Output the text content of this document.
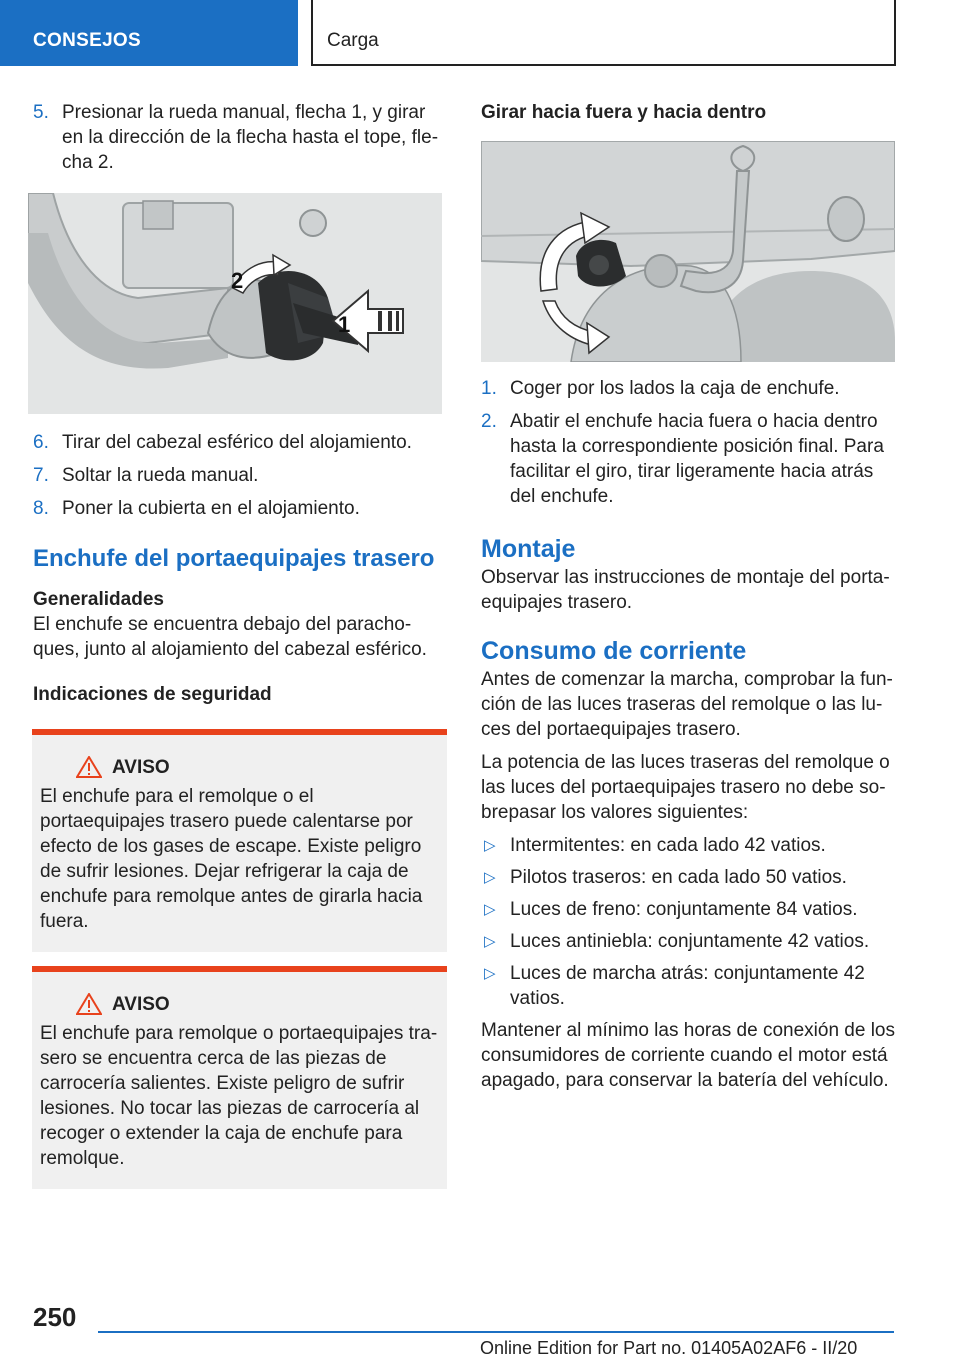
CONSEJOS	Carga
5. Presionar la rueda manual, flecha 1, y girar en la dirección de la flecha hasta el tope, flecha 2.
2
1
6. Tirar del cabezal esférico del alojamiento.
7. Soltar la rueda manual.
8. Poner la cubierta en el alojamiento.
Enchufe del portaequipajes trasero
Generalidades

El enchufe se encuentra debajo del parachoques, junto al alojamiento del cabezal esférico.

Indicaciones de seguridad
AVISO
El enchufe para el remolque o el portaequipajes trasero puede calentarse por efecto de los gases de escape. Existe peligro de sufrir lesiones. Dejar refrigerar la caja de enchufe para remolque antes de girarla hacia fuera.
AVISO
El enchufe para remolque o portaequipajes trasero se encuentra cerca de las piezas de carrocería salientes. Existe peligro de sufrir lesiones. No tocar las piezas de carrocería al recoger o extender la caja de enchufe para remolque.
Girar hacia fuera y hacia dentro
1. Coger por los lados la caja de enchufe.
2. Abatir el enchufe hacia fuera o hacia dentro hasta la correspondiente posición final. Para facilitar el giro, tirar ligeramente hacia atrás del enchufe.
Montaje

Observar las instrucciones de montaje del portaequipajes trasero.

Consumo de corriente

Antes de comenzar la marcha, comprobar la función de las luces traseras del remolque o las luces del portaequipajes trasero.

La potencia de las luces traseras del remolque o las luces del portaequipajes trasero no debe sobrepasar los valores siguientes:

▷ Intermitentes: en cada lado 42 vatios.
▷ Pilotos traseros: en cada lado 50 vatios.
▷ Luces de freno: conjuntamente 84 vatios.
▷ Luces antiniebla: conjuntamente 42 vatios.
▷ Luces de marcha atrás: conjuntamente 42 vatios.

Mantener al mínimo las horas de conexión de los consumidores de corriente cuando el motor está apagado, para conservar la batería del vehículo.

250
Online Edition for Part no. 01405A02AF6 - II/20
